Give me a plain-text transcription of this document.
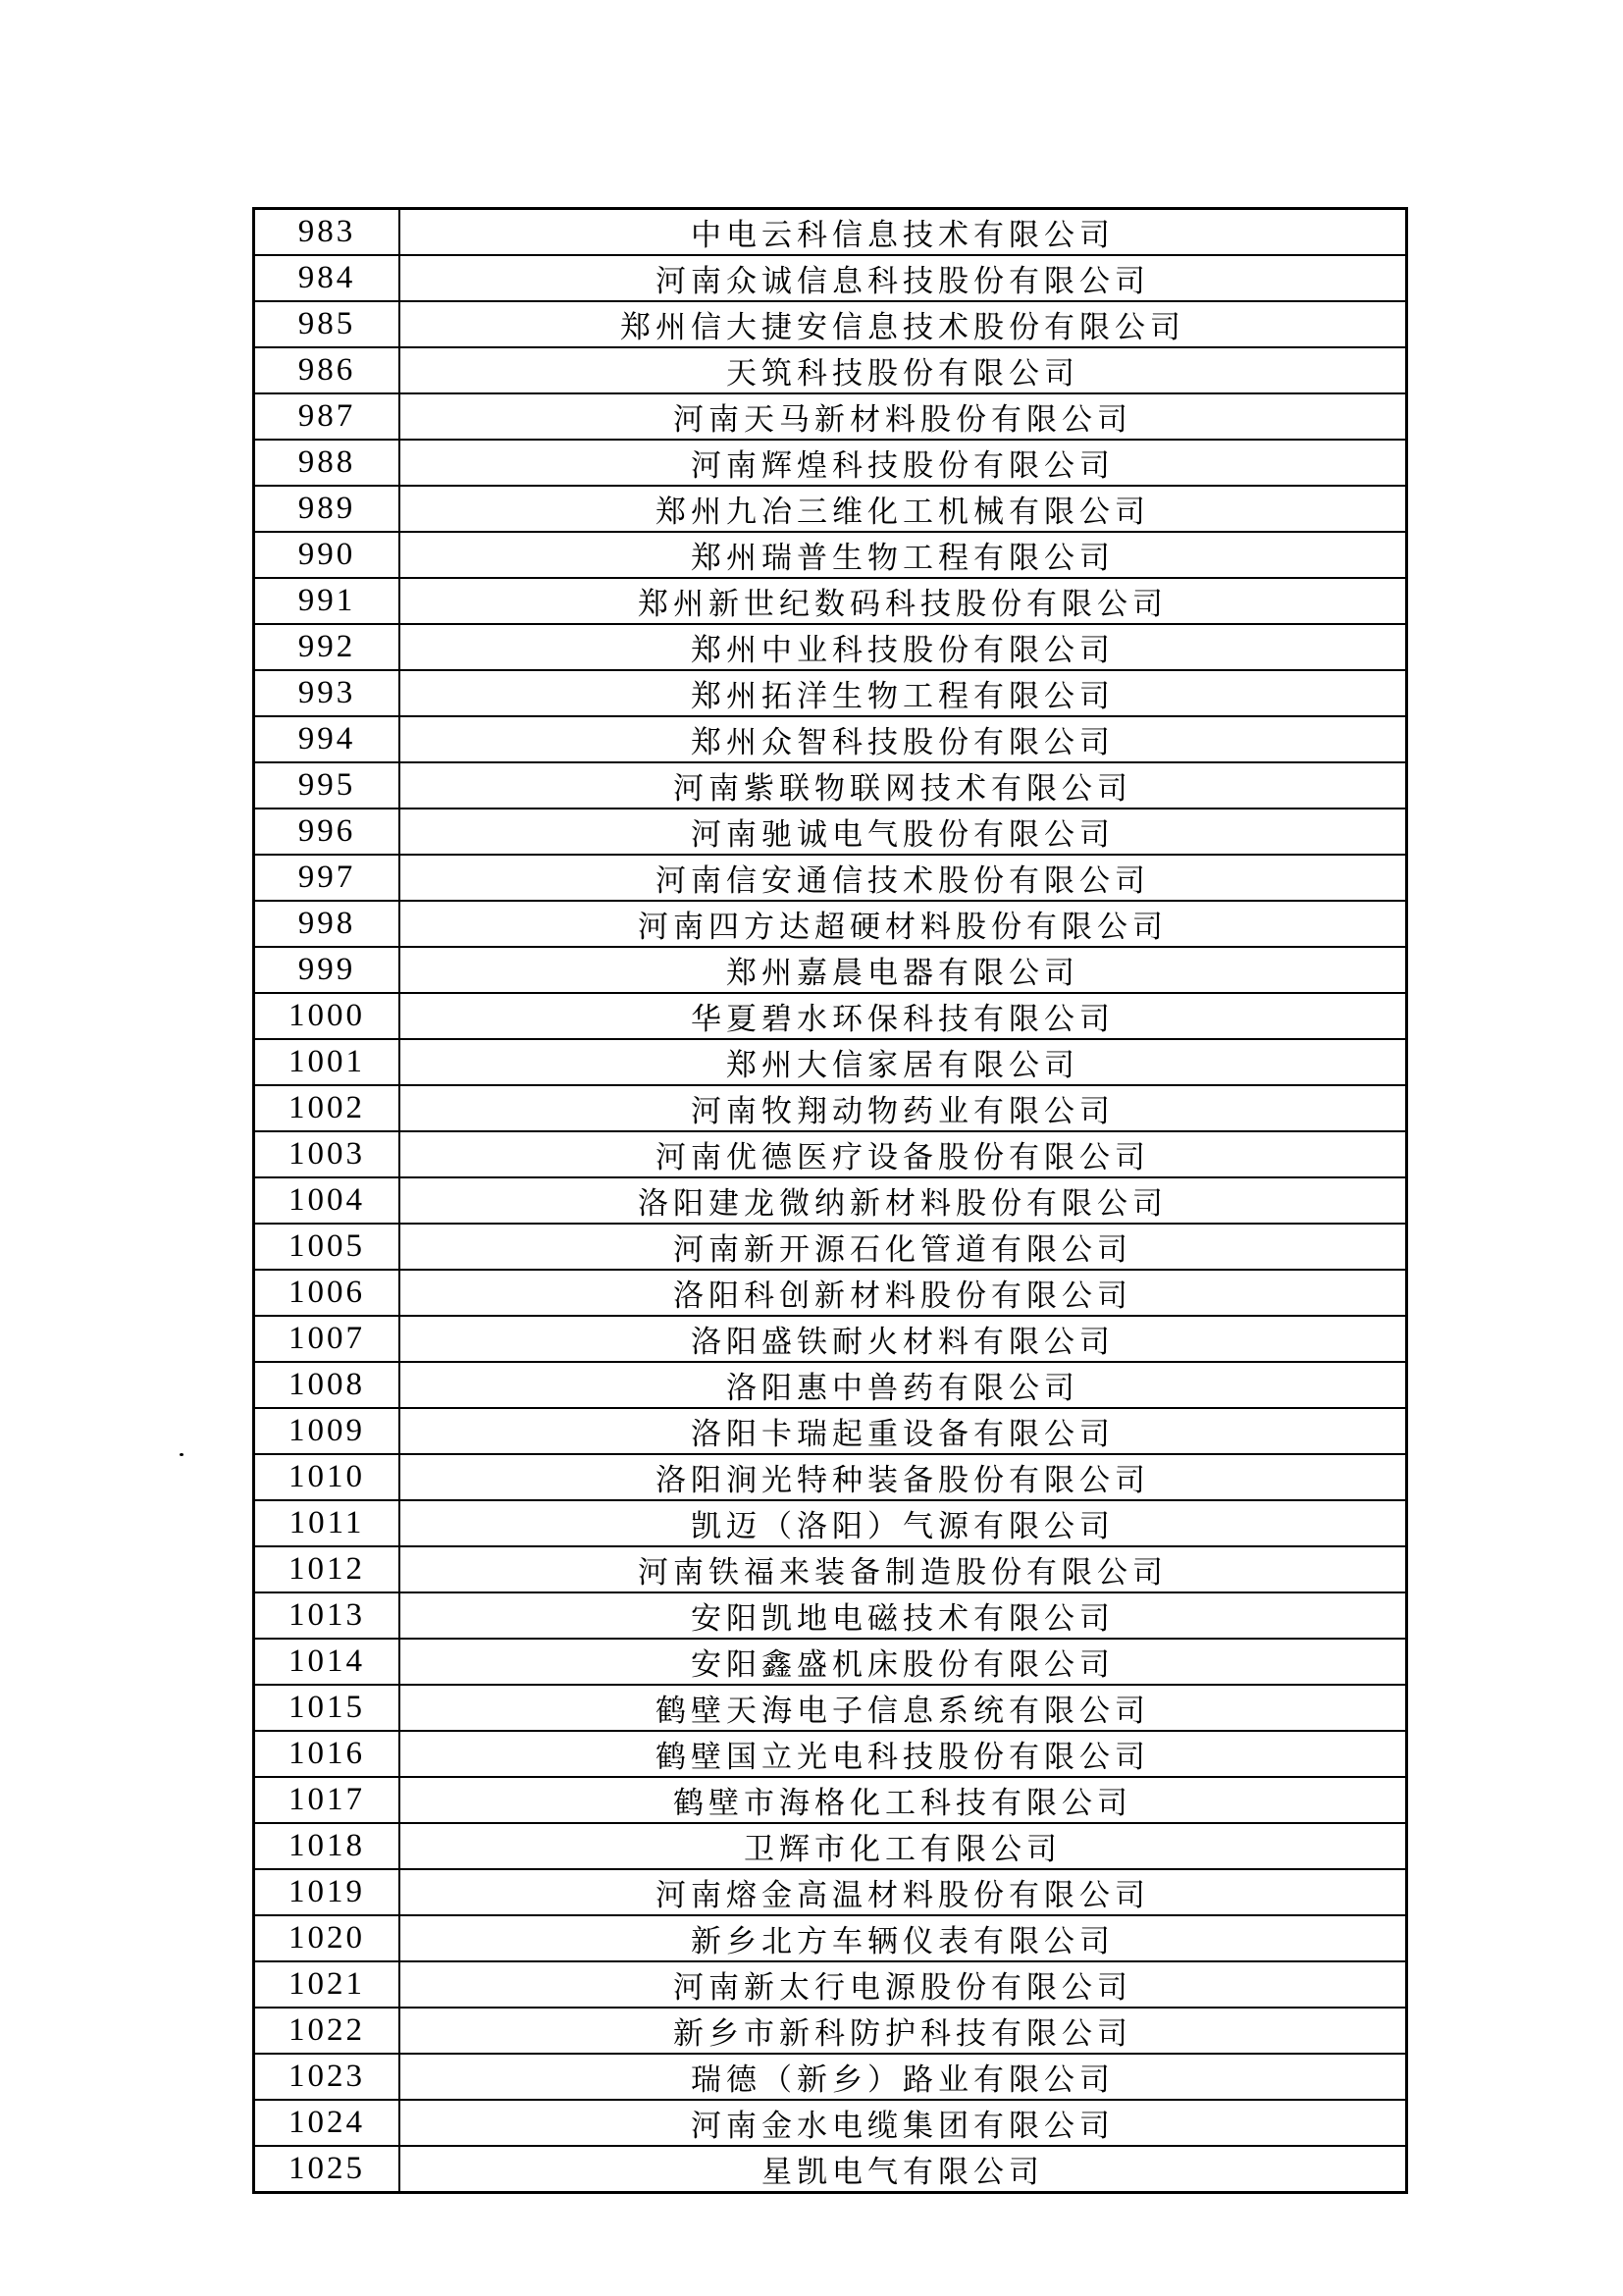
983	中电云科信息技术有限公司
984	河南众诚信息科技股份有限公司
985	郑州信大捷安信息技术股份有限公司
986	天筑科技股份有限公司
987	河南天马新材料股份有限公司
988	河南辉煌科技股份有限公司
989	郑州九冶三维化工机械有限公司
990	郑州瑞普生物工程有限公司
991	郑州新世纪数码科技股份有限公司
992	郑州中业科技股份有限公司
993	郑州拓洋生物工程有限公司
994	郑州众智科技股份有限公司
995	河南紫联物联网技术有限公司
996	河南驰诚电气股份有限公司
997	河南信安通信技术股份有限公司
998	河南四方达超硬材料股份有限公司
999	郑州嘉晨电器有限公司
1000	华夏碧水环保科技有限公司
1001	郑州大信家居有限公司
1002	河南牧翔动物药业有限公司
1003	河南优德医疗设备股份有限公司
1004	洛阳建龙微纳新材料股份有限公司
1005	河南新开源石化管道有限公司
1006	洛阳科创新材料股份有限公司
1007	洛阳盛铁耐火材料有限公司
1008	洛阳惠中兽药有限公司
1009	洛阳卡瑞起重设备有限公司
1010	洛阳涧光特种装备股份有限公司
1011	凯迈（洛阳）气源有限公司
1012	河南铁福来装备制造股份有限公司
1013	安阳凯地电磁技术有限公司
1014	安阳鑫盛机床股份有限公司
1015	鹤壁天海电子信息系统有限公司
1016	鹤壁国立光电科技股份有限公司
1017	鹤壁市海格化工科技有限公司
1018	卫辉市化工有限公司
1019	河南熔金高温材料股份有限公司
1020	新乡北方车辆仪表有限公司
1021	河南新太行电源股份有限公司
1022	新乡市新科防护科技有限公司
1023	瑞德（新乡）路业有限公司
1024	河南金水电缆集团有限公司
1025	星凯电气有限公司
